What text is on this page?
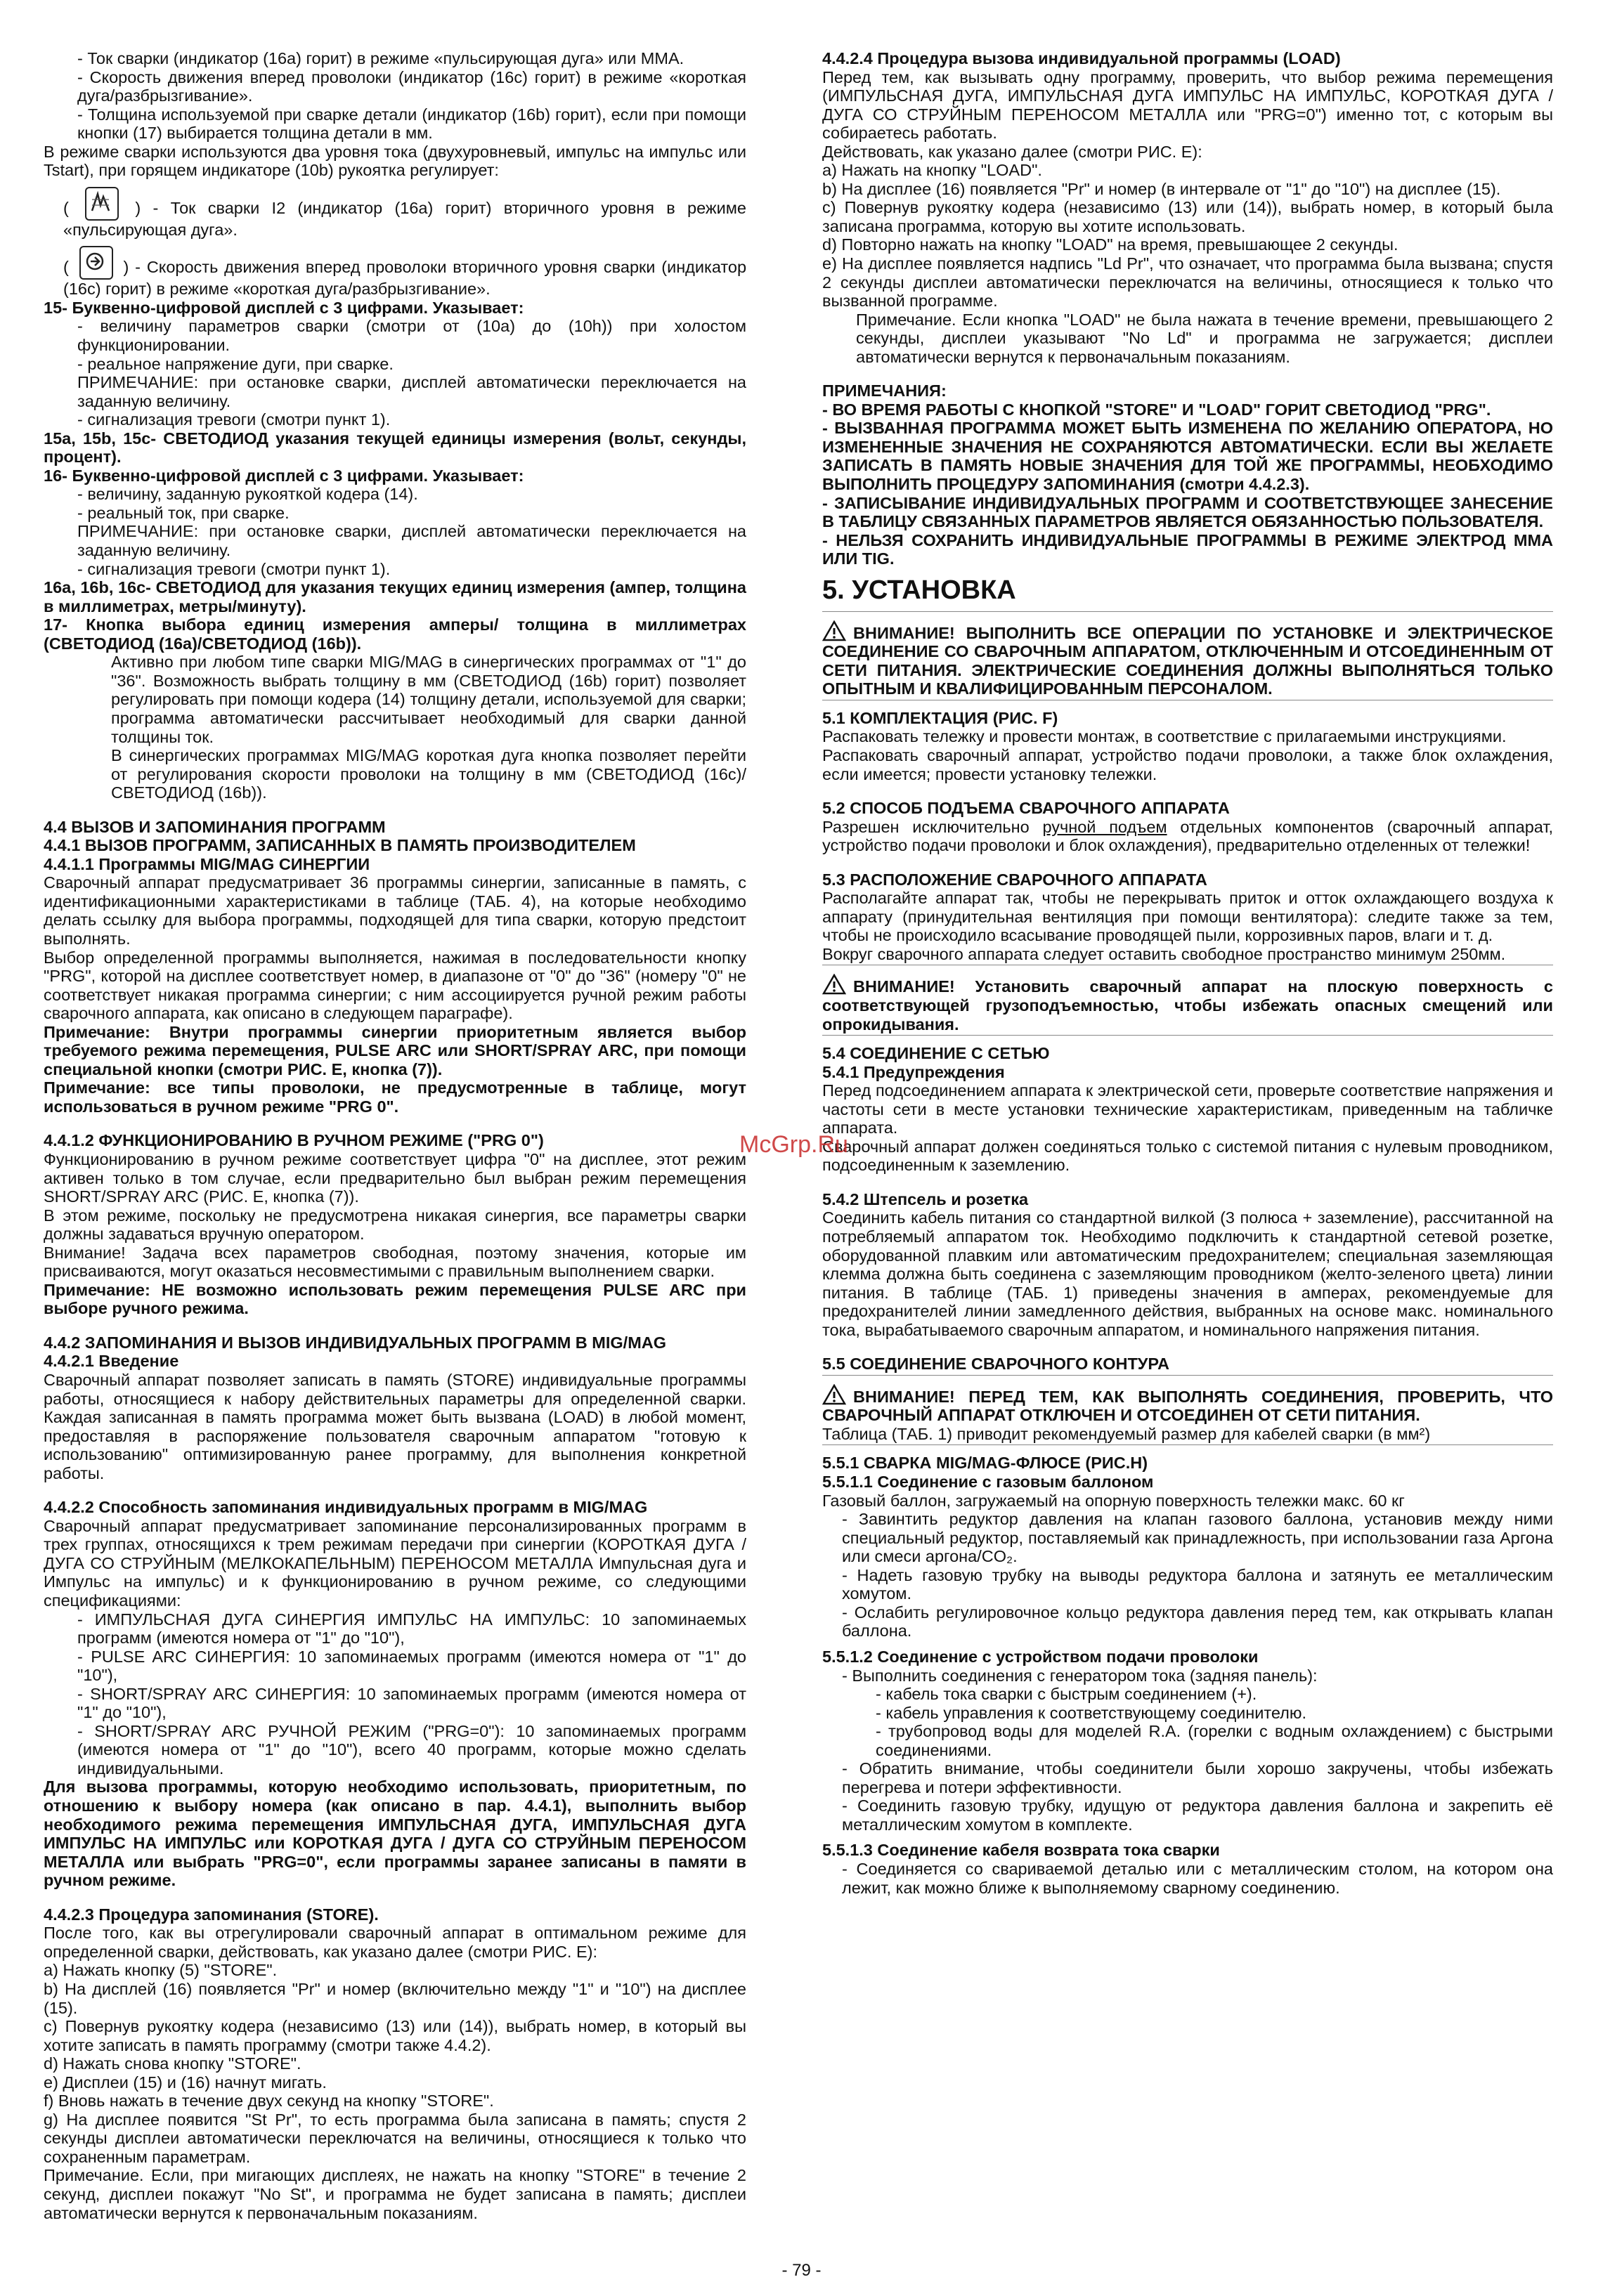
- Ток сварки (индикатор (16a) горит) в режиме «пульсирующая дуга» или MMA.

- Скорость движения вперед проволоки (индикатор (16c) горит) в режиме «короткая дуга/разбрызгивание».

- Толщина используемой при сварке детали (индикатор (16b) горит), если при помощи кнопки (17) выбирается толщина детали в мм.

В режиме сварки используются два уровня тока (двухуровневый, импульс на импульс или Tstart), при горящем индикаторе (10b) рукоятка регулирует:

(	) - Ток сварки I2 (индикатор (16a) горит) вторичного уровня в режиме «пульсирующая дуга».

(	) - Скорость движения вперед проволоки вторичного уровня сварки (индикатор (16c) горит) в режиме «короткая дуга/разбрызгивание».

15- Буквенно-цифровой дисплей с 3 цифрами. Указывает:

- величину параметров сварки (смотри от (10a) до (10h)) при холостом функционировании.

- реальное напряжение дуги, при сварке.

ПРИМЕЧАНИЕ: при остановке сварки, дисплей автоматически переключается на заданную величину.

- сигнализация тревоги (смотри пункт 1).

15a, 15b, 15c- СВЕТОДИОД указания текущей единицы измерения (вольт, секунды, процент).

16- Буквенно-цифровой дисплей с 3 цифрами. Указывает:

- величину, заданную рукояткой кодера (14).

- реальный ток, при сварке.

ПРИМЕЧАНИЕ: при остановке сварки, дисплей автоматически переключается на заданную величину.

- сигнализация тревоги (смотри пункт 1).

16a, 16b, 16c- СВЕТОДИОД для указания текущих единиц измерения (ампер, толщина в миллиметрах, метры/минуту).

17- Кнопка выбора единиц измерения амперы/ толщина в миллиметрах (СВЕТОДИОД (16a)/СВЕТОДИОД (16b)).

Активно при любом типе сварки MIG/MAG в синергических программах от "1" до "36". Возможность выбрать толщину в мм (СВЕТОДИОД (16b) горит) позволяет регулировать при помощи кодера (14) толщину детали, используемой для сварки; программа автоматически рассчитывает необходимый для сварки данной толщины ток.

В синергических программах MIG/MAG короткая дуга кнопка позволяет перейти от регулирования скорости проволоки на толщину в мм (СВЕТОДИОД (16c)/СВЕТОДИОД (16b)).

4.4 ВЫЗОВ И ЗАПОМИНАНИЯ ПРОГРАММ

4.4.1 ВЫЗОВ ПРОГРАММ, ЗАПИСАННЫХ В ПАМЯТЬ ПРОИЗВОДИТЕЛЕМ

4.4.1.1 Программы MIG/MAG СИНЕРГИИ

Сварочный аппарат предусматривает 36 программы синергии, записанные в память, с идентификационными характеристиками в таблице (ТАБ. 4), на которые необходимо делать ссылку для выбора программы, подходящей для типа сварки, которую предстоит выполнять.

Выбор определенной программы выполняется, нажимая в последовательности кнопку "PRG", которой на дисплее соответствует номер, в диапазоне от "0" до "36" (номеру "0" не соответствует никакая программа синергии; с ним ассоциируется ручной режим работы сварочного аппарата, как описано в следующем параграфе).

Примечание: Внутри программы синергии приоритетным является выбор требуемого режима перемещения, PULSE ARC или SHORT/SPRAY ARC, при помощи специальной кнопки (смотри РИС. E, кнопка (7)).

Примечание: все типы проволоки, не предусмотренные в таблице, могут использоваться в ручном режиме "PRG 0".

4.4.1.2 ФУНКЦИОНИРОВАНИЮ В РУЧНОМ РЕЖИМЕ ("PRG 0")

Функционированию в ручном режиме соответствует цифра "0" на дисплее, этот режим активен только в том случае, если предварительно был выбран режим перемещения SHORT/SPRAY ARC (РИС. E, кнопка (7)).

В этом режиме, поскольку не предусмотрена никакая синергия, все параметры сварки должны задаваться вручную оператором.

Внимание! Задача всех параметров свободная, поэтому значения, которые им присваиваются, могут оказаться несовместимыми с правильным выполнением сварки.

Примечание: НЕ возможно использовать режим перемещения PULSE ARC при выборе ручного режима.

4.4.2 ЗАПОМИНАНИЯ И ВЫЗОВ ИНДИВИДУАЛЬНЫХ ПРОГРАММ В MIG/MAG

4.4.2.1 Введение

Сварочный аппарат позволяет записать в память (STORE) индивидуальные программы работы, относящиеся к набору действительных параметры для определенной сварки. Каждая записанная в память программа может быть вызвана (LOAD) в любой момент, предоставляя в распоряжение пользователя сварочным аппаратом "готовую к использованию" оптимизированную ранее программу, для выполнения конкретной работы.

4.4.2.2 Способность запоминания индивидуальных программ в MIG/MAG

Сварочный аппарат предусматривает запоминание персонализированных программ в трех группах, относящихся к трем режимам передачи при синергии (КОРОТКАЯ ДУГА / ДУГА СО СТРУЙНЫМ (МЕЛКОКАПЕЛЬНЫМ) ПЕРЕНОСОМ МЕТАЛЛА Импульсная дуга и Импульс на импульс) и к функционированию в ручном режиме, со следующими спецификациями:

- ИМПУЛЬСНАЯ ДУГА СИНЕРГИЯ ИМПУЛЬС НА ИМПУЛЬС: 10 запоминаемых программ (имеются номера от "1" до "10"),

- PULSE ARC СИНЕРГИЯ: 10 запоминаемых программ (имеются номера от "1" до "10"),

- SHORT/SPRAY ARC СИНЕРГИЯ: 10 запоминаемых программ (имеются номера от "1" до "10"),

- SHORT/SPRAY ARC РУЧНОЙ РЕЖИМ ("PRG=0"): 10 запоминаемых программ (имеются номера от "1" до "10"), всего 40 программ, которые можно сделать индивидуальными.

Для вызова программы, которую необходимо использовать, приоритетным, по отношению к выбору номера (как описано в пар. 4.4.1), выполнить выбор необходимого режима перемещения ИМПУЛЬСНАЯ ДУГА, ИМПУЛЬСНАЯ ДУГА ИМПУЛЬС НА ИМПУЛЬС или КОРОТКАЯ ДУГА / ДУГА СО СТРУЙНЫМ ПЕРЕНОСОМ МЕТАЛЛА или выбрать "PRG=0", если программы заранее записаны в памяти в ручном режиме.

4.4.2.3 Процедура запоминания (STORE).

После того, как вы отрегулировали сварочный аппарат в оптимальном режиме для определенной сварки, действовать, как указано далее (смотри РИС. E):

a) Нажать кнопку (5) "STORE".

b) На дисплей (16) появляется "Pr" и номер (включительно между "1" и "10") на дисплее (15).

c) Повернув рукоятку кодера (независимо (13) или (14)), выбрать номер, в который вы хотите записать в память программу (смотри также 4.4.2).

d) Нажать снова кнопку "STORE".

e) Дисплеи (15) и (16) начнут мигать.

f) Вновь нажать в течение двух секунд на кнопку "STORE".

g) На дисплее появится "St Pr", то есть программа была записана в память; спустя 2 секунды дисплеи автоматически переключатся на величины, относящиеся к только что сохраненным параметрам.

Примечание. Если, при мигающих дисплеях, не нажать на кнопку "STORE" в течение 2 секунд, дисплеи покажут "No St", и программа не будет записана в память; дисплеи автоматически вернутся к первоначальным показаниям.

4.4.2.4 Процедура вызова индивидуальной программы (LOAD)

Перед тем, как вызывать одну программу, проверить, что выбор режима перемещения (ИМПУЛЬСНАЯ ДУГА, ИМПУЛЬСНАЯ ДУГА ИМПУЛЬС НА ИМПУЛЬС, КОРОТКАЯ ДУГА / ДУГА СО СТРУЙНЫМ ПЕРЕНОСОМ МЕТАЛЛА или "PRG=0") именно тот, с которым вы собираетесь работать.

Действовать, как указано далее (смотри РИС. E):

a) Нажать на кнопку "LOAD".

b) На дисплее (16) появляется "Pr" и номер (в интервале от "1" до "10") на дисплее (15).

c) Повернув рукоятку кодера (независимо (13) или (14)), выбрать номер, в который была записана программа, которую вы хотите использовать.

d) Повторно нажать на кнопку "LOAD" на время, превышающее 2 секунды.

e) На дисплее появляется надпись "Ld Pr", что означает, что программа была вызвана; спустя 2 секунды дисплеи автоматически переключатся на величины, относящиеся к только что вызванной программе.

Примечание. Если кнопка "LOAD" не была нажата в течение времени, превышающего 2 секунды, дисплеи указывают "No Ld" и программа не загружается; дисплеи автоматически вернутся к первоначальным показаниям.

ПРИМЕЧАНИЯ:

- ВО ВРЕМЯ РАБОТЫ С КНОПКОЙ "STORE" И "LOAD" ГОРИТ СВЕТОДИОД "PRG".

- ВЫЗВАННАЯ ПРОГРАММА МОЖЕТ БЫТЬ ИЗМЕНЕНА ПО ЖЕЛАНИЮ ОПЕРАТОРА, НО ИЗМЕНЕННЫЕ ЗНАЧЕНИЯ НЕ СОХРАНЯЮТСЯ АВТОМАТИЧЕСКИ. ЕСЛИ ВЫ ЖЕЛАЕТЕ ЗАПИСАТЬ В ПАМЯТЬ НОВЫЕ ЗНАЧЕНИЯ ДЛЯ ТОЙ ЖЕ ПРОГРАММЫ, НЕОБХОДИМО ВЫПОЛНИТЬ ПРОЦЕДУРУ ЗАПОМИНАНИЯ (смотри 4.4.2.3).

- ЗАПИСЫВАНИЕ ИНДИВИДУАЛЬНЫХ ПРОГРАММ И СООТВЕТСТВУЮЩЕЕ ЗАНЕСЕНИЕ В ТАБЛИЦУ СВЯЗАННЫХ ПАРАМЕТРОВ ЯВЛЯЕТСЯ ОБЯЗАННОСТЬЮ ПОЛЬЗОВАТЕЛЯ.

- НЕЛЬЗЯ СОХРАНИТЬ ИНДИВИДУАЛЬНЫЕ ПРОГРАММЫ В РЕЖИМЕ ЭЛЕКТРОД MMA ИЛИ TIG.

5. УСТАНОВКА

ВНИМАНИЕ! ВЫПОЛНИТЬ ВСЕ ОПЕРАЦИИ ПО УСТАНОВКЕ И ЭЛЕКТРИЧЕСКОЕ СОЕДИНЕНИЕ СО СВАРОЧНЫМ АППАРАТОМ, ОТКЛЮЧЕННЫМ И ОТСОЕДИНЕННЫМ ОТ СЕТИ ПИТАНИЯ. ЭЛЕКТРИЧЕСКИЕ СОЕДИНЕНИЯ ДОЛЖНЫ ВЫПОЛНЯТЬСЯ ТОЛЬКО ОПЫТНЫМ И КВАЛИФИЦИРОВАННЫМ ПЕРСОНАЛОМ.

5.1 КОМПЛЕКТАЦИЯ (РИС. F)

Распаковать тележку и провести монтаж, в соответствие с прилагаемыми инструкциями.

Распаковать сварочный аппарат, устройство подачи проволоки, а также блок охлаждения, если имеется; провести установку тележки.

5.2 СПОСОБ ПОДЪЕМА СВАРОЧНОГО АППАРАТА

Разрешен исключительно ручной подъем отдельных компонентов (сварочный аппарат, устройство подачи проволоки и блок охлаждения), предварительно отделенных от тележки!

5.3 РАСПОЛОЖЕНИЕ СВАРОЧНОГО АППАРАТА

Располагайте аппарат так, чтобы не перекрывать приток и отток охлаждающего воздуха к аппарату (принудительная вентиляция при помощи вентилятора): следите также за тем, чтобы не происходило всасывание проводящей пыли, коррозивных паров, влаги и т. д.

Вокруг сварочного аппарата следует оставить свободное пространство минимум 250мм.

ВНИМАНИЕ! Установить сварочный аппарат на плоскую поверхность с соответствующей грузоподъемностью, чтобы избежать опасных смещений или опрокидывания.

5.4 СОЕДИНЕНИЕ С СЕТЬЮ

5.4.1 Предупреждения

Перед подсоединением аппарата к электрической сети, проверьте соответствие напряжения и частоты сети в месте установки технические характеристикам, приведенным на табличке аппарата.

Сварочный аппарат должен соединяться только с системой питания с нулевым проводником, подсоединенным к заземлению.

5.4.2 Штепсель и розетка

Соединить кабель питания со стандартной вилкой (3 полюса + заземление), рассчитанной на потребляемый аппаратом ток. Необходимо подключить к стандартной сетевой розетке, оборудованной плавким или автоматическим предохранителем; специальная заземляющая клемма должна быть соединена с заземляющим проводником (желто-зеленого цвета) линии питания. В таблице (ТАБ. 1) приведены значения в амперах, рекомендуемые для предохранителей линии замедленного действия, выбранных на основе макс. номинального тока, вырабатываемого сварочным аппаратом, и номинального напряжения питания.

5.5 СОЕДИНЕНИЕ СВАРОЧНОГО КОНТУРА

ВНИМАНИЕ! ПЕРЕД ТЕМ, КАК ВЫПОЛНЯТЬ СОЕДИНЕНИЯ, ПРОВЕРИТЬ, ЧТО СВАРОЧНЫЙ АППАРАТ ОТКЛЮЧЕН И ОТСОЕДИНЕН ОТ СЕТИ ПИТАНИЯ.

Таблица (ТАБ. 1) приводит рекомендуемый размер для кабелей сварки (в мм²)

5.5.1 СВАРКА MIG/MAG-ФЛЮСЕ (РИС.H)

5.5.1.1 Соединение с газовым баллоном

Газовый баллон, загружаемый на опорную поверхность тележки макс. 60 кг

- Завинтить редуктор давления на клапан газового баллона, установив между ними специальный редуктор, поставляемый как принадлежность, при использовании газа Аргона или смеси аргона/CO₂.

- Надеть газовую трубку на выводы редуктора баллона и затянуть ее металлическим хомутом.

- Ослабить регулировочное кольцо редуктора давления перед тем, как открывать клапан баллона.

5.5.1.2 Соединение с устройством подачи проволоки

- Выполнить соединения с генератором тока (задняя панель):

- кабель тока сварки с быстрым соединением (+).

- кабель управления к соответствующему соединителю.

- трубопровод воды для моделей R.A. (горелки с водным охлаждением) с быстрыми соединениями.

- Обратить внимание, чтобы соединители были хорошо закручены, чтобы избежать перегрева и потери эффективности.

- Соединить газовую трубку, идущую от редуктора давления баллона и закрепить её металлическим хомутом в комплекте.

5.5.1.3 Соединение кабеля возврата тока сварки

- Соединяется со свариваемой деталью или с металлическим столом, на котором она лежит, как можно ближе к выполняемому сварному соединению.

McGrp.Ru
- 79 -
